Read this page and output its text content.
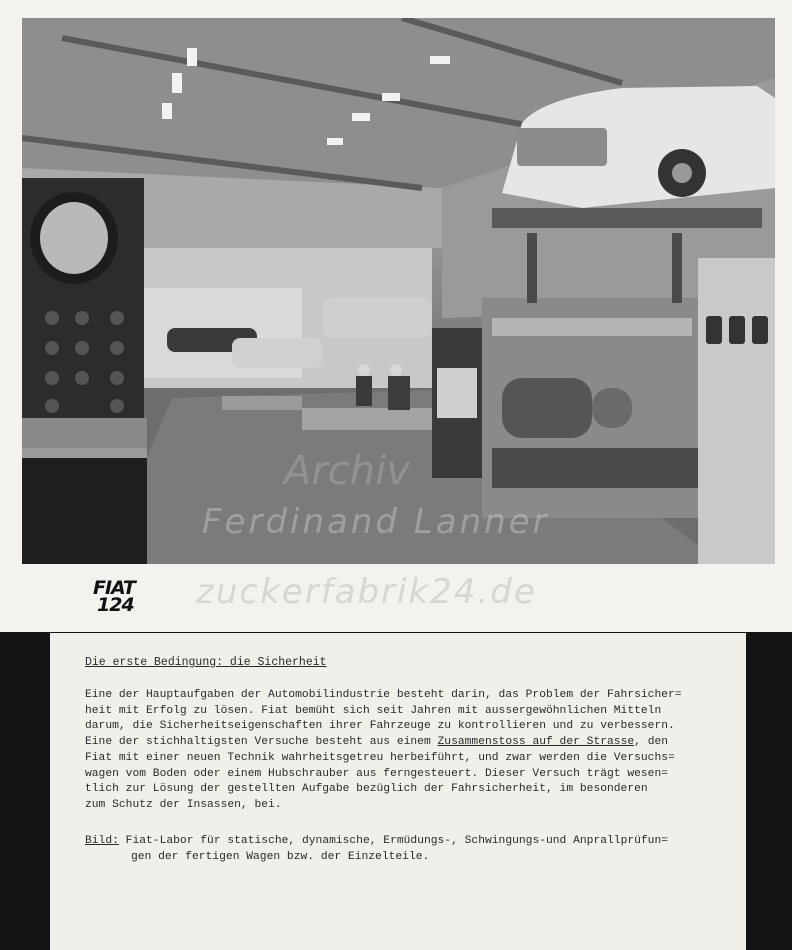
Archiv
Ferdinand Lanner
FIAT
124	zuckerfabrik24.de
Die erste Bedingung: die Sicherheit
Eine der Hauptaufgaben der Automobilindustrie besteht darin, das Problem der Fahrsicher=
heit mit Erfolg zu lösen. Fiat bemüht sich seit Jahren mit aussergewöhnlichen Mitteln
darum, die Sicherheitseigenschaften ihrer Fahrzeuge zu kontrollieren und zu verbessern.
Eine der stichhaltigsten Versuche besteht aus einem Zusammenstoss auf der Strasse, den
Fiat mit einer neuen Technik wahrheitsgetreu herbeiführt, und zwar werden die Versuchs=
wagen vom Boden oder einem Hubschrauber aus ferngesteuert. Dieser Versuch trägt wesen=
tlich zur Lösung der gestellten Aufgabe bezüglich der Fahrsicherheit, im besonderen
zum Schutz der Insassen, bei.
Bild: Fiat-Labor für statische, dynamische, Ermüdungs-, Schwingungs-und Anprallprüfun=
gen der fertigen Wagen bzw. der Einzelteile.
